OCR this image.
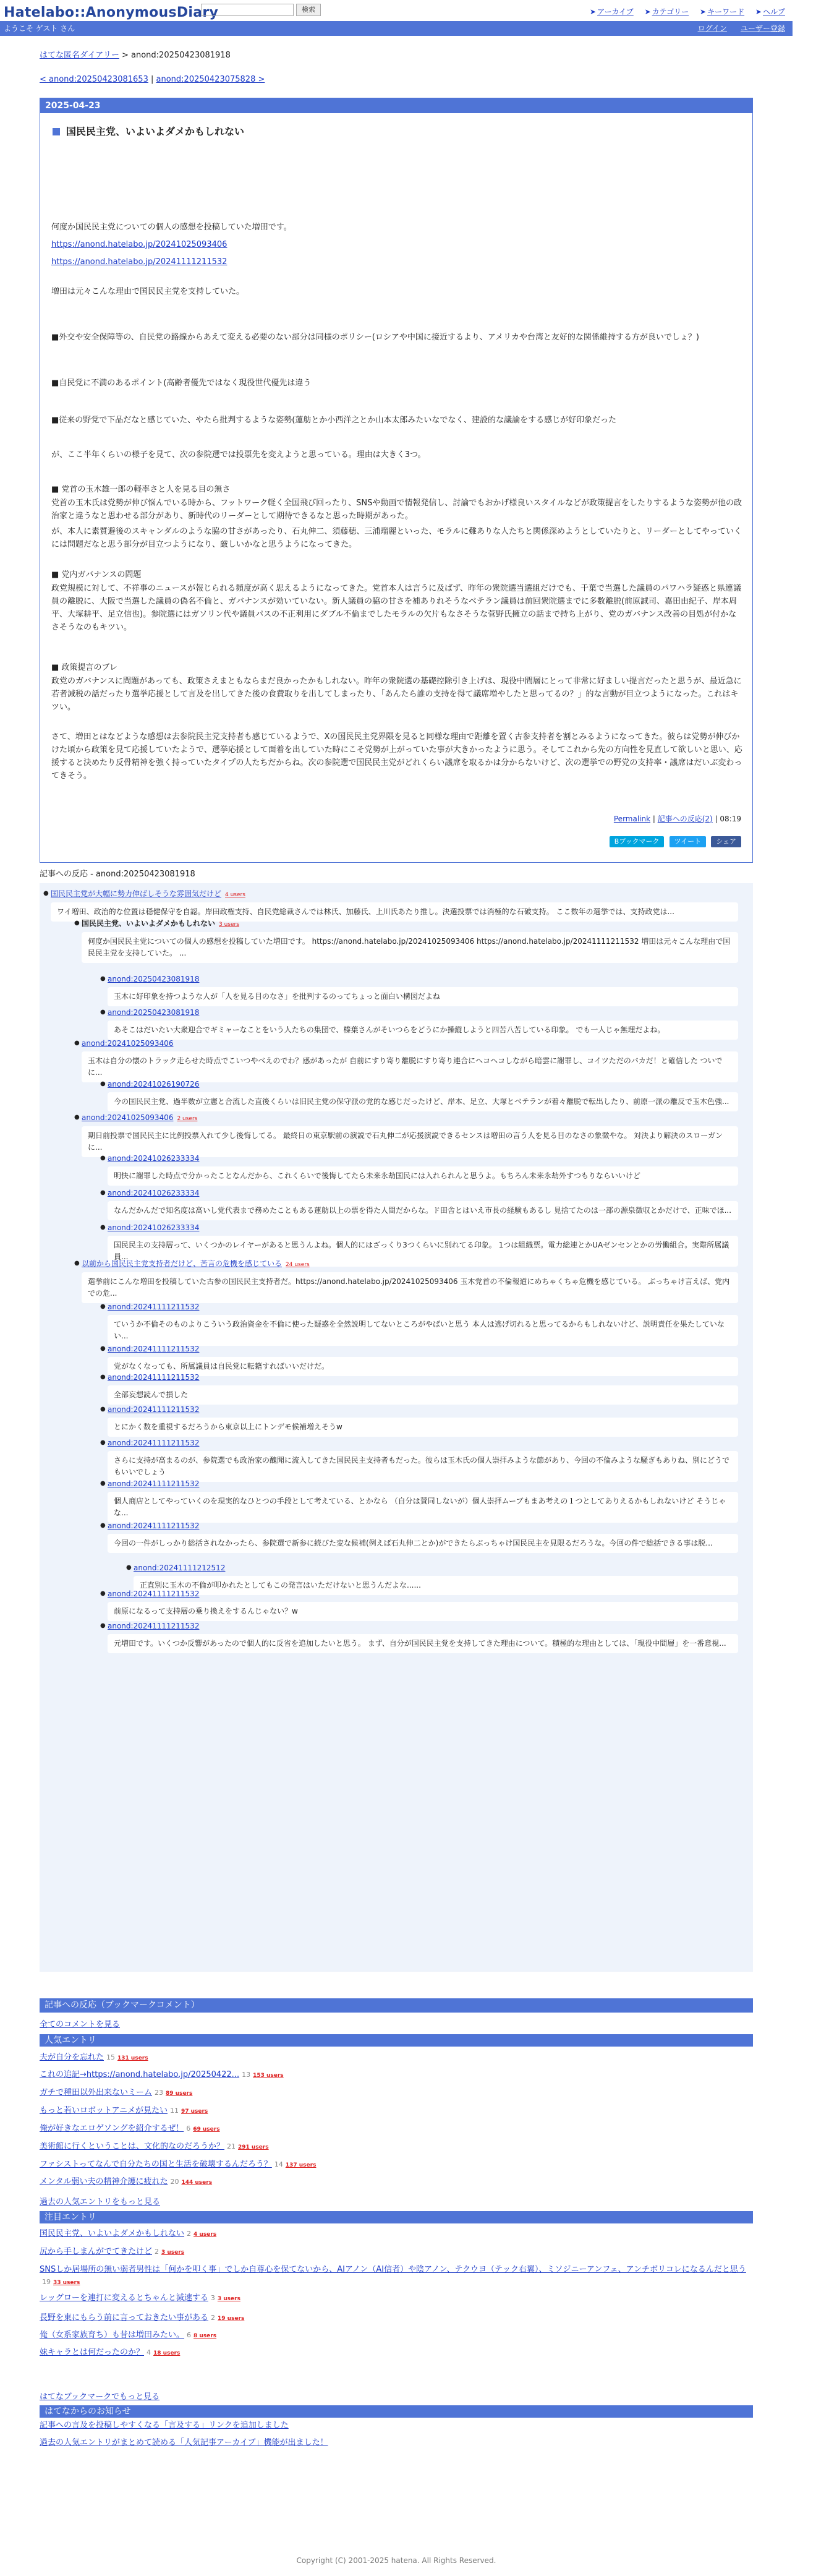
Hatelabo::AnonymousDiary	検索	➤ アーカイブ ➤ カテゴリー ➤ キーワード ➤ ヘルプ
ようこそ ゲスト さん	ログイン ユーザー登録
はてな匿名ダイアリー > anond:20250423081918
< anond:20250423081653 | anond:20250423075828 >
2025-04-23
国民民主党、いよいよダメかもしれない

何度か国民民主党についての個人の感想を投稿していた増田です。

https://anond.hatelabo.jp/20241025093406

https://anond.hatelabo.jp/20241111211532

増田は元々こんな理由で国民民主党を支持していた。

■外交や安全保障等の、自民党の路線からあえて変える必要のない部分は同様のポリシー(ロシアや中国に接近するより、アメリカや台湾と友好的な関係維持する方が良いでしょ？)

■自民党に不満のあるポイント(高齢者優先ではなく現役世代優先は違う

■従来の野党で下品だなと感じていた、やたら批判するような姿勢(蓮舫とか小西洋之とか山本太郎みたいなでなく、建設的な議論をする感じが好印象だった

が、ここ半年くらいの様子を見て、次の参院選では投票先を変えようと思っている。理由は大きく3つ。

■ 党首の玉木雄一郎の軽率さと人を見る目の無さ

党首の玉木氏は党勢が伸び悩んでいる時から、フットワーク軽く全国飛び回ったり、SNSや動画で情報発信し、討論でもおかげ様良いスタイルなどが政策提言をしたりするような姿勢が他の政治家と違うなと思わせる部分があり、新時代のリーダーとして期待できるなと思った時期があった。

が、本人に素質避後のスキャンダルのような脇の甘さがあったり、石丸伸二、須藤穂、三浦瑠麗といった、モラルに難ありな人たちと関係深めようとしていたりと、リーダーとしてやっていくには問題だなと思う部分が目立つようになり、厳しいかなと思うようになってきた。

■ 党内ガバナンスの問題

政党規模に対して、不祥事のニュースが報じられる頻度が高く思えるようになってきた。党首本人は言うに及ばず、昨年の衆院選当選組だけでも、千葉で当選した議員のパワハラ疑惑と県連議員の離脱に、大阪で当選した議員の偽名不倫と、ガバナンスが効いていない。新人議員の脇の甘さを補ありれそうなベテラン議員は前回衆院選までに多数離脱(前原誠司、嘉田由紀子、岸本周平、大塚耕平、足立信也)。参院選にはガソリン代や議員パスの不正利用にダブル不倫までしたモラルの欠片もなさそうな菅野氏擁立の話まで持ち上がり、党のガバナンス改善の目処が付かなさそうなのもキツい。

■ 政策提言のブレ

政党のガバナンスに問題があっても、政策さえまともならまだ良かったかもしれない。昨年の衆院選の基礎控除引き上げは、現役中間層にとって非常に好ましい提言だったと思うが、最近急に若者減税の話だったり選挙応援として言及を出してきた後の食費取りを出してしまったり、「あんたら誰の支持を得て議席増やしたと思ってるの？」的な言動が目立つようになった。これはキツい。

さて、増田とはなどような感想は去参院民主党支持者も感じているようで、Xの国民民主党界隈を見ると同様な理由で距離を置く古参支持者を割とみるようになってきた。彼らは党勢が伸びかけた頃から政策を見て応援していたようで、選挙応援として面着を出していた時にこそ党勢が上がっていた事が大きかったように思う。そしてこれから先の方向性を見直して欲しいと思い、応援すると決めたり反骨精神を強く持っていたタイプの人たちだからね。次の参院選で国民民主党がどれくらい議席を取るかは分からないけど、次の選挙での野党の支持率・議席はだいぶ変わってきそう。

Permalink | 記事への反応(2) | 08:19
Bブックマーク ツイート シェア
記事への反応 - anond:20250423081918
● 国民民主党が大幅に勢力伸ばしそうな雰囲気だけど 4 users
ワイ増田、政治的な位置は穏健保守を自認。岸田政権支持、自民党総裁さんでは林氏、加藤氏、上川氏あたり推し。決選投票では消極的な石破支持。 ここ数年の選挙では、支持政党は...
● 国民民主党、いよいよダメかもしれない 3 users
何度か国民民主党についての個人の感想を投稿していた増田です。 https://anond.hatelabo.jp/20241025093406 https://anond.hatelabo.jp/20241111211532 増田は元々こんな理由で国民民主党を支持していた。 ...
● anond:20250423081918
玉木に好印象を持つような人が「人を見る目のなさ」を批判するのってちょっと面白い構図だよね
● anond:20250423081918
あそこはだいたい大衆迎合でギミャーなことをいう人たちの集団で、榛葉さんがそいつらをどうにか操縦しようと四苦八苦している印象。 でも一人じゃ無理だよね。
● anond:20241025093406
玉木は自分の懐のトラック走らせた時点でこいつやべえのでわ？感があったが 自前にすり寄り離脱にすり寄り連合にヘコヘコしながら暗雲に謝罪し、コイツただのバカだ！と確信した ついでに...
● anond:20241026190726
今の国民民主党、過半数が立憲と合流した直後くらいは旧民主党の保守派の党的な感じだったけど、岸本、足立、大塚とベテランが着々離脱で転出したり、前原一派の離反で玉木色強...
● anond:20241025093406 2 users
期日前投票で国民民主に比例投票入れて少し後悔してる。 最終日の東京駅前の演説で石丸伸二が応援演説できるセンスは増田の言う人を見る目のなさの象徴やな。 対決より解決のスローガンに...
● anond:20241026233334
明快に謝罪した時点で分かったことなんだから、これくらいで後悔してたら未来永劫国民には入れられんと思うよ。もちろん未来永劫外すつもりならいいけど
● anond:20241026233334
なんだかんだで知名度は高いし党代表まで務めたこともある蓮舫以上の票を得た人間だからな。ド田舎とはいえ市長の経験もあるし 見捨てたのは一部の源泉徴収とかだけで、正味でほ...
● anond:20241026233334
国民民主の支持層って、いくつかのレイヤーがあると思うんよね。個人的にはざっくり3つくらいに別れてる印象。 1つは組織票。電力総連とかUAゼンセンとかの労働組合。実際所属議員...
● 以前から国民民主党支持者だけど、苦言の危機を感じている 24 users
選挙前にこんな増田を投稿していた古参の国民民主支持者だ。https://anond.hatelabo.jp/20241025093406 玉木党首の不倫報道にめちゃくちゃ危機を感じている。 ぶっちゃけ言えば、党内での危...
● anond:20241111211532
ていうか不倫そのものよりこういう政治資金を不倫に使った疑惑を全然説明してないところがやばいと思う 本人は逃げ切れると思ってるからもしれないけど、説明責任を果たしていない...
● anond:20241111211532
党がなくなっても、所属議員は自民党に転籍すればいいだけだ。
● anond:20241111211532
全部妄想読んで損した
● anond:20241111211532
とにかく数を重視するだろうから東京以上にトンデモ候補増えそうw
● anond:20241111211532
さらに支持が高まるのが、参院選でも政治家の醜聞に流入してきた国民民主支持者もだった。彼らは玉木氏の個人崇拝みような節があり、今回の不倫みような騒ぎもありね、別にどうでもいいでしょう
● anond:20241111211532
個人商店としてやっていくのを現実的なひとつの手段として考えている、とかなら （自分は賛同しないが）個人崇拝ムーブもまあ考えの１つとしてありえるかもしれないけど そうじゃな...
● anond:20241111211532
今回の一件がしっかり総括されなかったら、参院選で新参に続びた変な候補(例えば石丸伸二とか)ができたらぶっちゃけ国民民主を見限るだろうな。今回の件で総括できる事は脱...
● anond:20241111212512
正直別に玉木の不倫が叩かれたとしてもこの発言はいただけないと思うんだよな......
● anond:20241111211532
前原になるって支持層の乗り換えをするんじゃない？w
● anond:20241111211532
元増田です。いくつか反響があったので個人的に反省を追加したいと思う。 まず、自分が国民民主党を支持してきた理由について。積極的な理由としては、「現役中間層」を一番意視...
記事への反応（ブックマークコメント）
全てのコメントを見る
人気エントリ
夫が自分を忘れた 15 131 users
これの追記→https://anond.hatelabo.jp/20250422... 13 153 users
ガチで種田以外出来ないミーム 23 89 users
もっと若いロボットアニメが見たい 11 97 users
俺が好きなエロゲソングを紹介するぜ！ 6 69 users
美術館に行くということは、文化的なのだろうか？ 21 291 users
ファシストってなんで自分たちの国と生活を破壊するんだろう？ 14 137 users
メンタル弱い夫の精神介護に疲れた 20 144 users
過去の人気エントリをもっと見る
注目エントリ
国民民主党、いよいよダメかもしれない 2 4 users
尻から手しまんがでてきたけど 2 3 users
SNSしか居場所の無い弱者男性は「何かを叩く事」でしか自尊心を保てないから、AIアノン（AI信者）や陰アノン、テクウヨ（テック右翼）、ミソジニーアンフェ、アンチボリコレになるんだと思う19 33 users
レッグローを連打に変えるとちゃんと減速する 3 3 users
長野を東にもらう前に言っておきたい事がある 2 19 users
俺（女系家族育ち）も昔は増田みたい。 6 8 users
妹キャラとは何だったのか？ 4 18 users
はてなブックマークでもっと見る
はてなからのお知らせ
記事への言及を投稿しやすくなる「言及する」リンクを追加しました
過去の人気エントリがまとめて読める「人気記事アーカイブ」機能が出ました！
Copyright (C) 2001-2025 hatena. All Rights Reserved.
